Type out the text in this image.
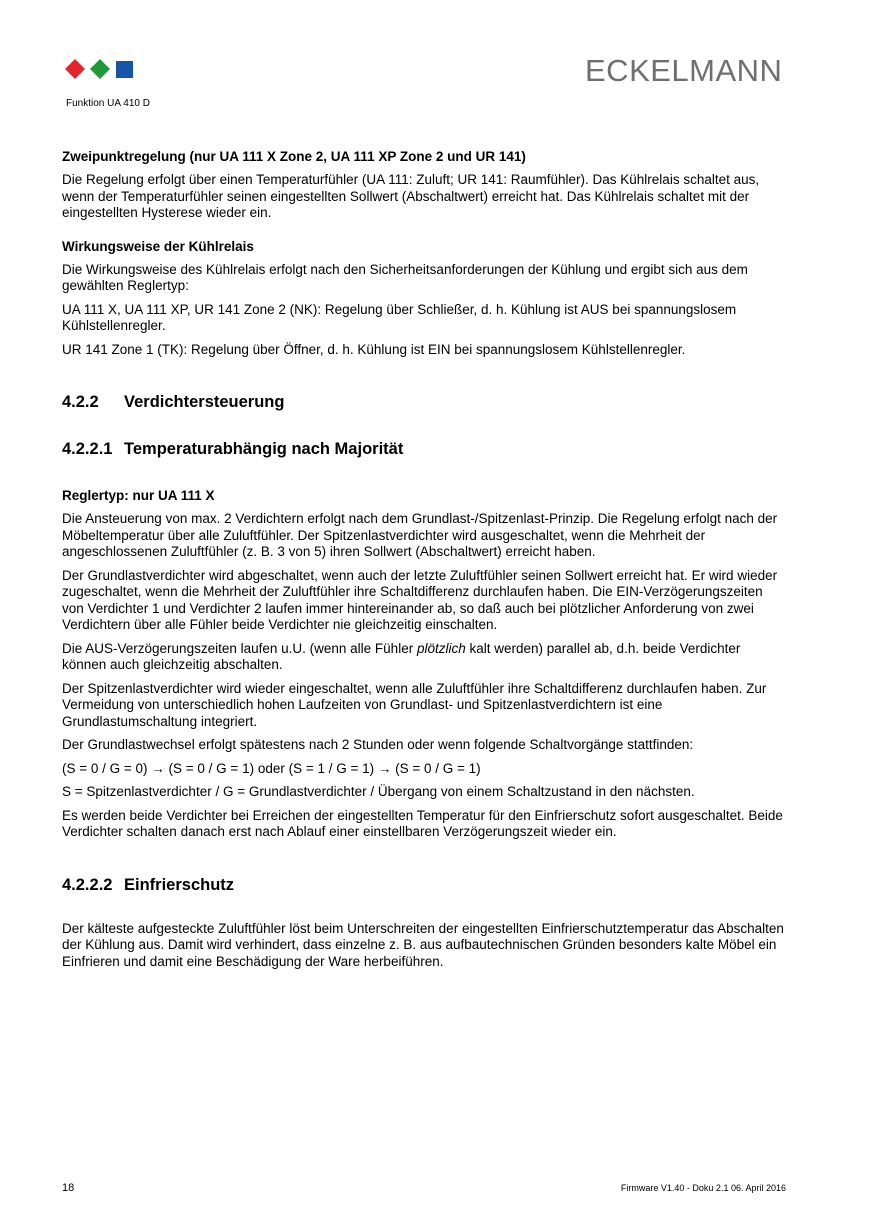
Funktion UA 410 D
ECKELMANN
Zweipunktregelung (nur UA 111 X Zone 2, UA 111 XP Zone 2 und UR 141)

Die Regelung erfolgt über einen Temperaturfühler (UA 111: Zuluft; UR 141: Raumfühler). Das Kühlrelais schaltet aus, wenn der Temperaturfühler seinen eingestellten Sollwert (Abschaltwert) erreicht hat. Das Kühlrelais schaltet mit der eingestellten Hysterese wieder ein.

Wirkungsweise der Kühlrelais

Die Wirkungsweise des Kühlrelais erfolgt nach den Sicherheitsanforderungen der Kühlung und ergibt sich aus dem gewählten Reglertyp:

UA 111 X, UA 111 XP, UR 141 Zone 2 (NK): Regelung über Schließer, d. h. Kühlung ist AUS bei spannungslosem Kühlstellenregler.

UR 141 Zone 1 (TK): Regelung über Öffner, d. h. Kühlung ist EIN bei spannungslosem Kühlstellenregler.

4.2.2 Verdichtersteuerung
4.2.2.1 Temperaturabhängig nach Majorität
Reglertyp: nur UA 111 X

Die Ansteuerung von max. 2 Verdichtern erfolgt nach dem Grundlast-/Spitzenlast-Prinzip. Die Regelung erfolgt nach der Möbeltemperatur über alle Zuluftfühler. Der Spitzenlastverdichter wird ausgeschaltet, wenn die Mehrheit der angeschlossenen Zuluftfühler (z. B. 3 von 5) ihren Sollwert (Abschaltwert) erreicht haben.

Der Grundlastverdichter wird abgeschaltet, wenn auch der letzte Zuluftfühler seinen Sollwert erreicht hat. Er wird wieder zugeschaltet, wenn die Mehrheit der Zuluftfühler ihre Schaltdifferenz durchlaufen haben. Die EIN-Verzögerungszeiten von Verdichter 1 und Verdichter 2 laufen immer hintereinander ab, so daß auch bei plötzlicher Anforderung von zwei Verdichtern über alle Fühler beide Verdichter nie gleichzeitig einschalten.

Die AUS-Verzögerungszeiten laufen u.U. (wenn alle Fühler plötzlich kalt werden) parallel ab, d.h. beide Verdichter können auch gleichzeitig abschalten.

Der Spitzenlastverdichter wird wieder eingeschaltet, wenn alle Zuluftfühler ihre Schaltdifferenz durchlaufen haben. Zur Vermeidung von unterschiedlich hohen Laufzeiten von Grundlast- und Spitzenlastverdichtern ist eine Grundlastumschaltung integriert.

Der Grundlastwechsel erfolgt spätestens nach 2 Stunden oder wenn folgende Schaltvorgänge stattfinden:

(S = 0 / G = 0) → (S = 0 / G = 1) oder (S = 1 / G = 1) → (S = 0 / G = 1)

S = Spitzenlastverdichter / G = Grundlastverdichter / Übergang von einem Schaltzustand in den nächsten.

Es werden beide Verdichter bei Erreichen der eingestellten Temperatur für den Einfrierschutz sofort ausgeschaltet. Beide Verdichter schalten danach erst nach Ablauf einer einstellbaren Verzögerungszeit wieder ein.

4.2.2.2 Einfrierschutz

Der kälteste aufgesteckte Zuluftfühler löst beim Unterschreiten der eingestellten Einfrierschutztemperatur das Abschalten der Kühlung aus. Damit wird verhindert, dass einzelne z. B. aus aufbautechnischen Gründen besonders kalte Möbel ein Einfrieren und damit eine Beschädigung der Ware herbeiführen.

18	Firmware V1.40 - Doku 2.1 06. April 2016
